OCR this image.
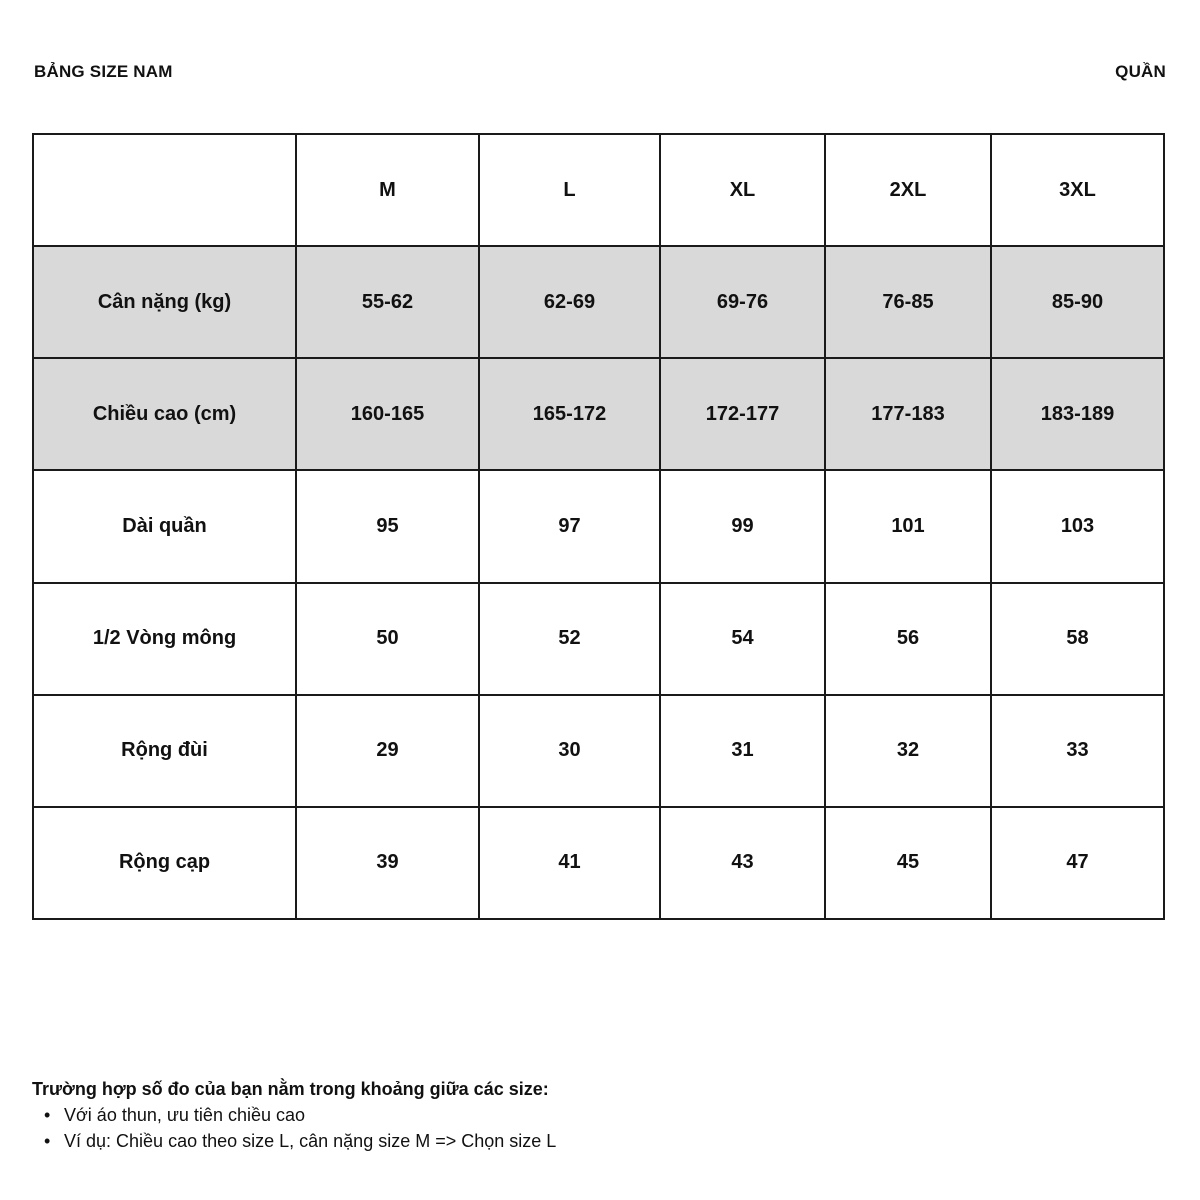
BẢNG SIZE NAM	QUẦN
	M	L	XL	2XL	3XL
Cân nặng (kg)	55-62	62-69	69-76	76-85	85-90
Chiều cao (cm)	160-165	165-172	172-177	177-183	183-189
Dài quần	95	97	99	101	103
1/2 Vòng mông	50	52	54	56	58
Rộng đùi	29	30	31	32	33
Rộng cạp	39	41	43	45	47
Trường hợp số đo của bạn nằm trong khoảng giữa các size:
• Với áo thun, ưu tiên chiều cao
• Ví dụ: Chiều cao theo size L, cân nặng size M => Chọn size L
